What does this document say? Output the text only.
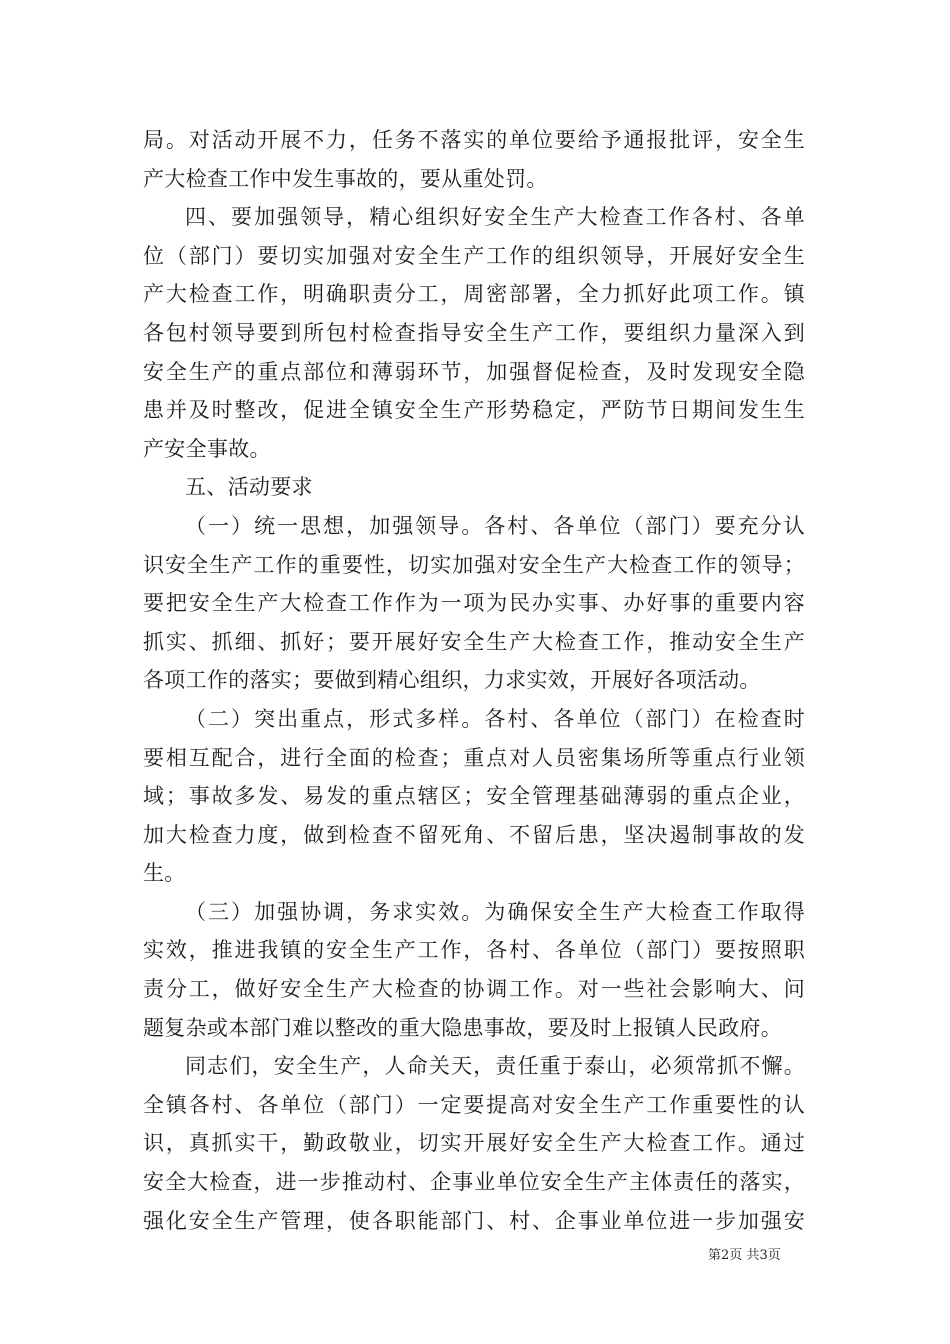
局。对活动开展不力，任务不落实的单位要给予通报批评，安全生
产大检查工作中发生事故的，要从重处罚。
四、要加强领导，精心组织好安全生产大检查工作各村、各单
位（部门）要切实加强对安全生产工作的组织领导，开展好安全生
产大检查工作，明确职责分工，周密部署，全力抓好此项工作。镇
各包村领导要到所包村检查指导安全生产工作，要组织力量深入到
安全生产的重点部位和薄弱环节，加强督促检查，及时发现安全隐
患并及时整改，促进全镇安全生产形势稳定，严防节日期间发生生
产安全事故。
五、活动要求
（一）统一思想，加强领导。各村、各单位（部门）要充分认
识安全生产工作的重要性，切实加强对安全生产大检查工作的领导；
要把安全生产大检查工作作为一项为民办实事、办好事的重要内容
抓实、抓细、抓好；要开展好安全生产大检查工作，推动安全生产
各项工作的落实；要做到精心组织，力求实效，开展好各项活动。
（二）突出重点，形式多样。各村、各单位（部门）在检查时
要相互配合，进行全面的检查；重点对人员密集场所等重点行业领
域；事故多发、易发的重点辖区；安全管理基础薄弱的重点企业，
加大检查力度，做到检查不留死角、不留后患，坚决遏制事故的发
生。
（三）加强协调，务求实效。为确保安全生产大检查工作取得
实效，推进我镇的安全生产工作，各村、各单位（部门）要按照职
责分工，做好安全生产大检查的协调工作。对一些社会影响大、问
题复杂或本部门难以整改的重大隐患事故，要及时上报镇人民政府。
同志们，安全生产，人命关天，责任重于泰山，必须常抓不懈。
全镇各村、各单位（部门）一定要提高对安全生产工作重要性的认
识，真抓实干，勤政敬业，切实开展好安全生产大检查工作。通过
安全大检查，进一步推动村、企事业单位安全生产主体责任的落实，
强化安全生产管理，使各职能部门、村、企事业单位进一步加强安
第2页 共3页
